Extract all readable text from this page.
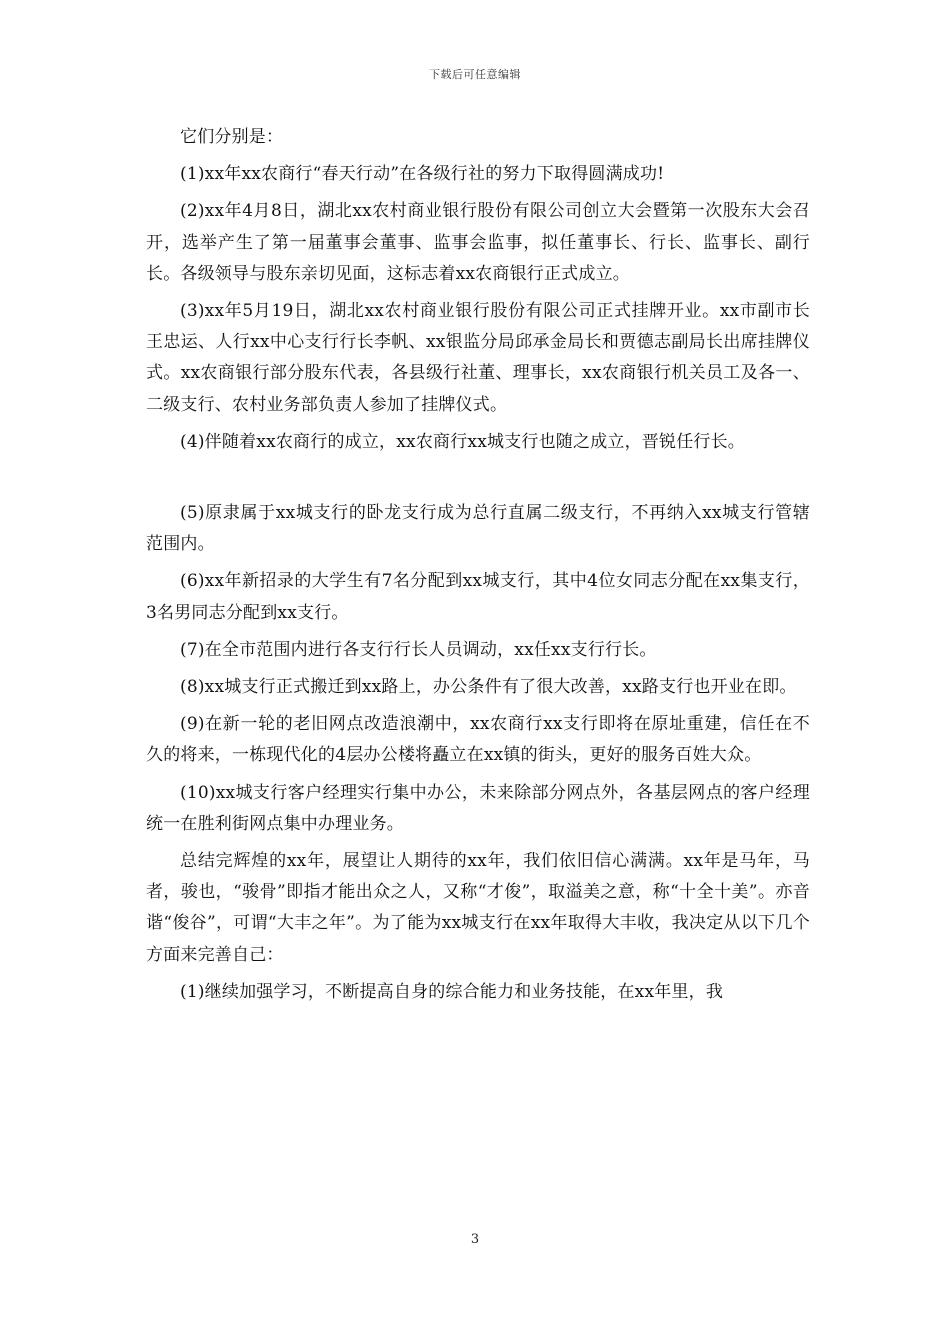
下载后可任意编辑

它们分别是：

(1)xx年xx农商行“春天行动”在各级行社的努力下取得圆满成功!

(2)xx年4月8日，湖北xx农村商业银行股份有限公司创立大会暨第一次股东大会召开，选举产生了第一届董事会董事、监事会监事，拟任董事长、行长、监事长、副行长。各级领导与股东亲切见面，这标志着xx农商银行正式成立。

(3)xx年5月19日，湖北xx农村商业银行股份有限公司正式挂牌开业。xx市副市长王忠运、人行xx中心支行行长李帆、xx银监分局邱承金局长和贾德志副局长出席挂牌仪式。xx农商银行部分股东代表，各县级行社董、理事长，xx农商银行机关员工及各一、二级支行、农村业务部负责人参加了挂牌仪式。

(4)伴随着xx农商行的成立，xx农商行xx城支行也随之成立，晋锐任行长。

(5)原隶属于xx城支行的卧龙支行成为总行直属二级支行，不再纳入xx城支行管辖范围内。

(6)xx年新招录的大学生有7名分配到xx城支行，其中4位女同志分配在xx集支行，3名男同志分配到xx支行。

(7)在全市范围内进行各支行行长人员调动，xx任xx支行行长。

(8)xx城支行正式搬迁到xx路上，办公条件有了很大改善，xx路支行也开业在即。

(9)在新一轮的老旧网点改造浪潮中，xx农商行xx支行即将在原址重建，信任在不久的将来，一栋现代化的4层办公楼将矗立在xx镇的街头，更好的服务百姓大众。

(10)xx城支行客户经理实行集中办公，未来除部分网点外，各基层网点的客户经理统一在胜利街网点集中办理业务。

总结完辉煌的xx年，展望让人期待的xx年，我们依旧信心满满。xx年是马年，马者，骏也，“骏骨”即指才能出众之人，又称“才俊”，取溢美之意，称“十全十美”。亦音谐“俊谷”，可谓“大丰之年”。为了能为xx城支行在xx年取得大丰收，我决定从以下几个方面来完善自己：

(1)继续加强学习，不断提高自身的综合能力和业务技能，在xx年里，我

3
